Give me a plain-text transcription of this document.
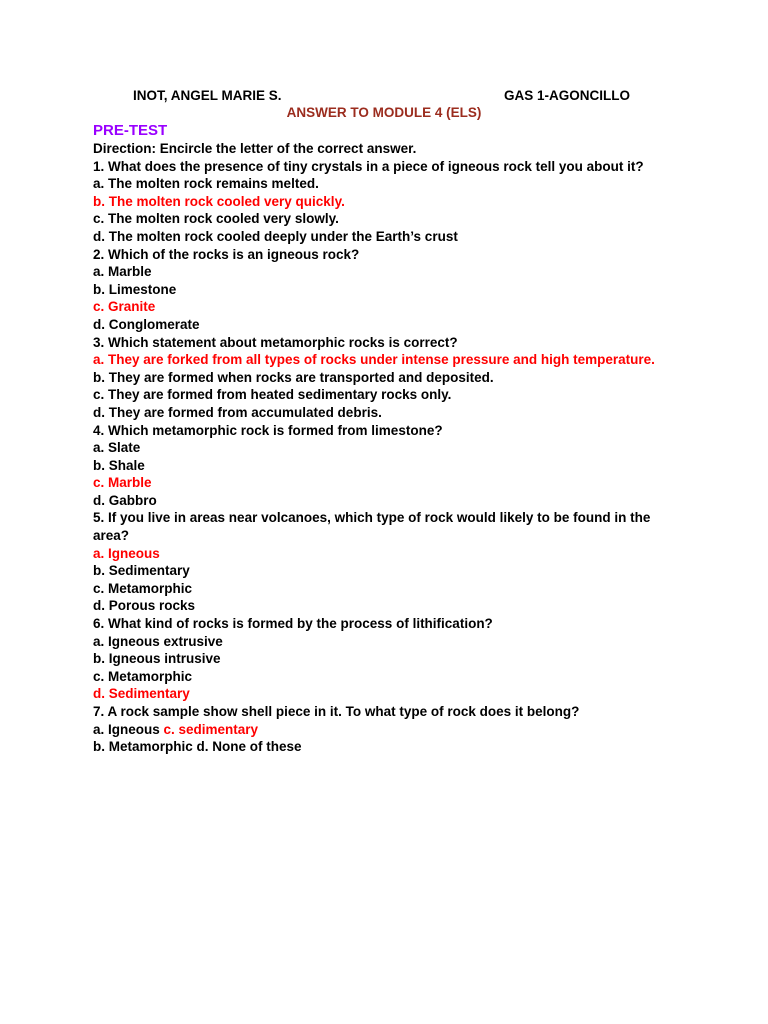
INOT, ANGEL MARIE S.	GAS 1-AGONCILLO
ANSWER TO MODULE 4 (ELS)
PRE-TEST
Direction: Encircle the letter of the correct answer.
1. What does the presence of tiny crystals in a piece of igneous rock tell you about it?
a. The molten rock remains melted.
b. The molten rock cooled very quickly.
c. The molten rock cooled very slowly.
d. The molten rock cooled deeply under the Earth’s crust
2. Which of the rocks is an igneous rock?
a. Marble
b. Limestone
c. Granite
d. Conglomerate
3. Which statement about metamorphic rocks is correct?
a. They are forked from all types of rocks under intense pressure and high temperature.
b. They are formed when rocks are transported and deposited.
c. They are formed from heated sedimentary rocks only.
d. They are formed from accumulated debris.
4. Which metamorphic rock is formed from limestone?
a. Slate
b. Shale
c. Marble
d. Gabbro
5. If you live in areas near volcanoes, which type of rock would likely to be found in the area?
a. Igneous
b. Sedimentary
c. Metamorphic
d. Porous rocks
6. What kind of rocks is formed by the process of lithification?
a. Igneous extrusive
b. Igneous intrusive
c. Metamorphic
d. Sedimentary
7. A rock sample show shell piece in it. To what type of rock does it belong?
a. Igneous c. sedimentary
b. Metamorphic d. None of these
